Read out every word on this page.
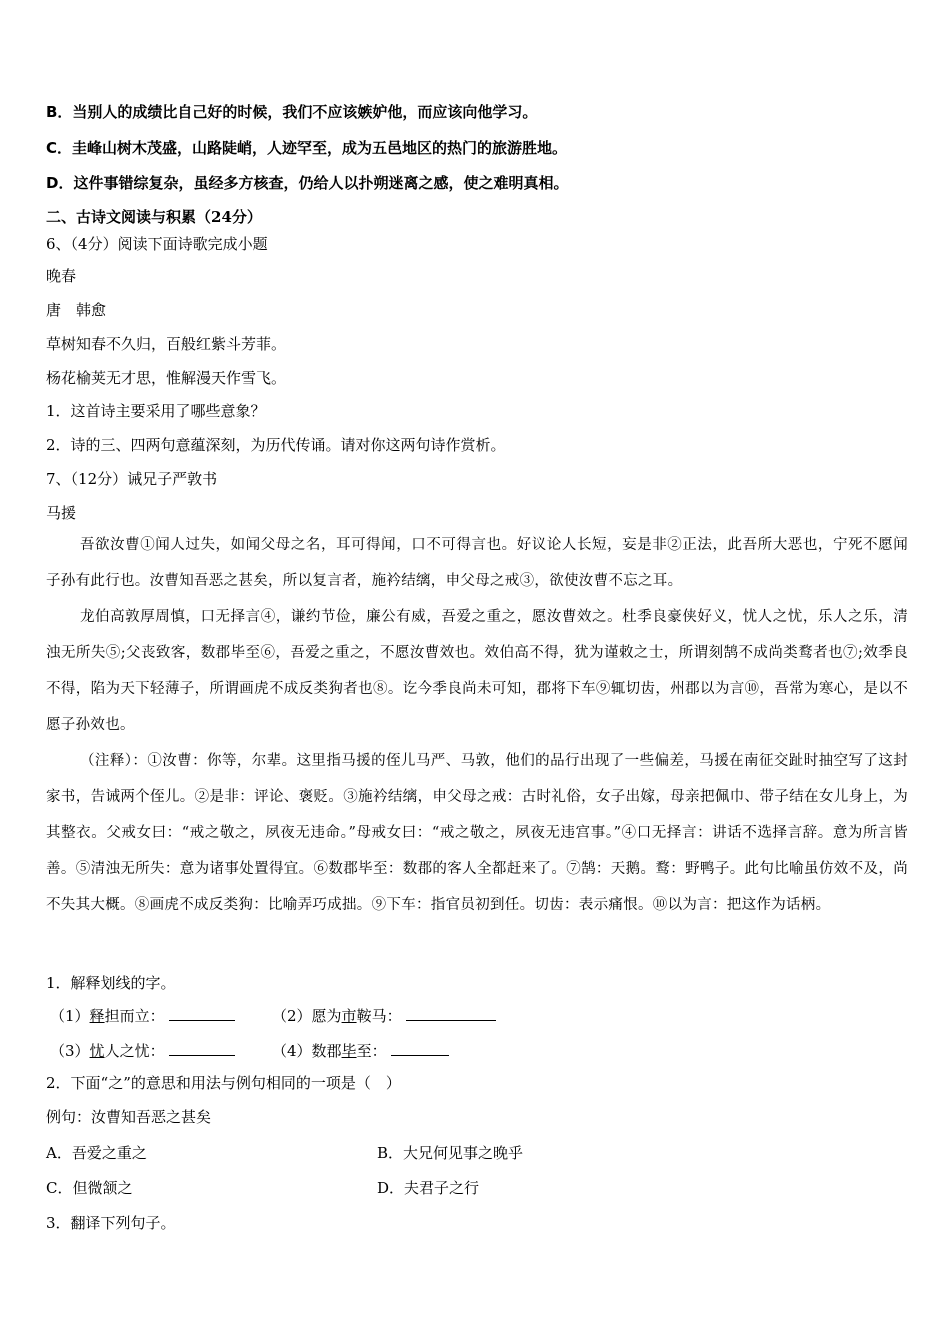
B．当别人的成绩比自己好的时候，我们不应该嫉妒他，而应该向他学习。
C．圭峰山树木茂盛，山路陡峭，人迹罕至，成为五邑地区的热门的旅游胜地。
D．这件事错综复杂，虽经多方核查，仍给人以扑朔迷离之感，使之难明真相。
二、古诗文阅读与积累（24分）
6、（4分）阅读下面诗歌完成小题
晚春
唐　韩愈
草树知春不久归，百般红紫斗芳菲。
杨花榆荚无才思，惟解漫天作雪飞。
1．这首诗主要采用了哪些意象？
2．诗的三、四两句意蕴深刻，为历代传诵。请对你这两句诗作赏析。
7、（12分）诫兄子严敦书
马援
吾欲汝曹①闻人过失，如闻父母之名，耳可得闻，口不可得言也。好议论人长短，妄是非②正法，此吾所大恶也，宁死不愿闻子孙有此行也。汝曹知吾恶之甚矣，所以复言者，施衿结缡，申父母之戒③，欲使汝曹不忘之耳。
龙伯高敦厚周慎，口无择言④，谦约节俭，廉公有威，吾爱之重之，愿汝曹效之。杜季良豪侠好义，忧人之忧，乐人之乐，清浊无所失⑤;父丧致客，数郡毕至⑥，吾爱之重之，不愿汝曹效也。效伯高不得，犹为谨敕之士，所谓刻鹄不成尚类鹜者也⑦;效季良不得，陷为天下轻薄子，所谓画虎不成反类狗者也⑧。讫今季良尚未可知，郡将下车⑨辄切齿，州郡以为言⑩，吾常为寒心，是以不愿子孙效也。
（注释）：①汝曹：你等，尔辈。这里指马援的侄儿马严、马敦，他们的品行出现了一些偏差，马援在南征交趾时抽空写了这封家书，告诫两个侄儿。②是非：评论、褒贬。③施衿结缡，申父母之戒：古时礼俗，女子出嫁，母亲把佩巾、带子结在女儿身上，为其整衣。父戒女曰：“戒之敬之，夙夜无违命。”母戒女曰：“戒之敬之，夙夜无违宫事。”④口无择言：讲话不选择言辞。意为所言皆善。⑤清浊无所失：意为诸事处置得宜。⑥数郡毕至：数郡的客人全都赶来了。⑦鹄：天鹅。鹜：野鸭子。此句比喻虽仿效不及，尚不失其大概。⑧画虎不成反类狗：比喻弄巧成拙。⑨下车：指官员初到任。切齿：表示痛恨。⑩以为言：把这作为话柄。
1．解释划线的字。
（1）释担而立：	（2）愿为市鞍马：
（3）忧人之忧：	（4）数郡毕至：
2．下面“之”的意思和用法与例句相同的一项是（　）
例句：汝曹知吾恶之甚矣
A．吾爱之重之	B．大兄何见事之晚乎
C．但微颔之	D．夫君子之行
3．翻译下列句子。
